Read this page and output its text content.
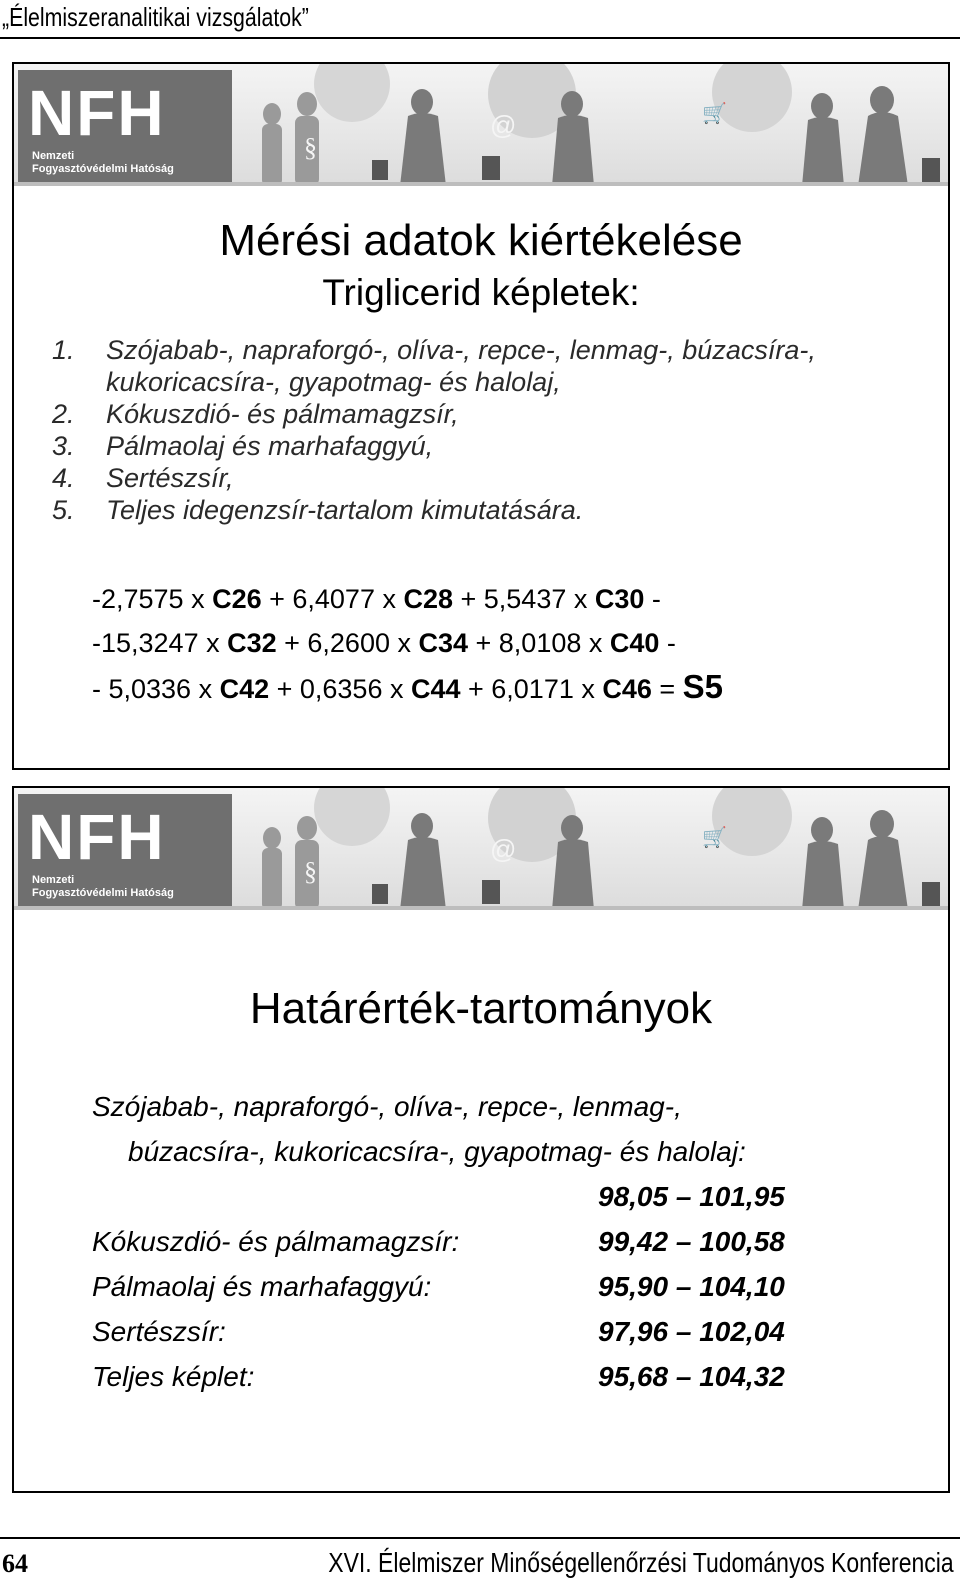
„Élelmiszeranalitikai vizsgálatok”
NFH
Nemzeti
Fogyasztóvédelmi Hatóság
@
§
🛒
Mérési adatok kiértékelése
Triglicerid képletek:
1. Szójabab-, napraforgó-, olíva-, repce-, lenmag-, búzacsíra-,
kukoricacsíra-, gyapotmag- és halolaj,
2. Kókuszdió- és pálmamagzsír,
3. Pálmaolaj és marhafaggyú,
4. Sertészsír,
5. Teljes idegenzsír-tartalom kimutatására.
-2,7575 x C26 + 6,4077 x C28 + 5,5437 x C30 -
-15,3247 x C32 + 6,2600 x C34 + 8,0108 x C40 -
- 5,0336 x C42 + 0,6356 x C44 + 6,0171 x C46 = S5
NFH
Nemzeti
Fogyasztóvédelmi Hatóság
@
§
🛒
Határérték-tartományok
Szójabab-, napraforgó-, olíva-, repce-, lenmag-,
búzacsíra-, kukoricacsíra-, gyapotmag- és halolaj:
98,05 – 101,95
Kókuszdió- és pálmamagzsír:	99,42 – 100,58
Pálmaolaj és marhafaggyú:	95,90 – 104,10
Sertészsír:	97,96 – 102,04
Teljes képlet:	95,68 – 104,32
64	XVI. Élelmiszer Minőségellenőrzési Tudományos Konferencia
